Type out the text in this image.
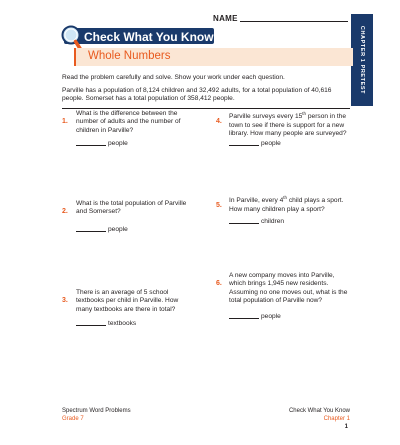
NAME
CHAPTER 1 PRETEST
Check What You Know
Whole Numbers
Read the problem carefully and solve. Show your work under each question.
Parville has a population of 8,124 children and 32,492 adults, for a total population of 40,616 people. Somerset has a total population of 358,412 people.
1.
What is the difference between the number of adults and the number of children in Parville?
people
2.
What is the total population of Parville and Somerset?
people
3.
There is an average of 5 school textbooks per child in Parville. How many textbooks are there in total?
textbooks
4.
Parville surveys every 15th person in the town to see if there is support for a new library. How many people are surveyed?
people
5.
In Parville, every 4th child plays a sport. How many children play a sport?
children
6.
A new company moves into Parville, which brings 1,945 new residents. Assuming no one moves out, what is the total population of Parville now?
people
Spectrum Word Problems
Grade 7
Check What You Know
Chapter 1
1
